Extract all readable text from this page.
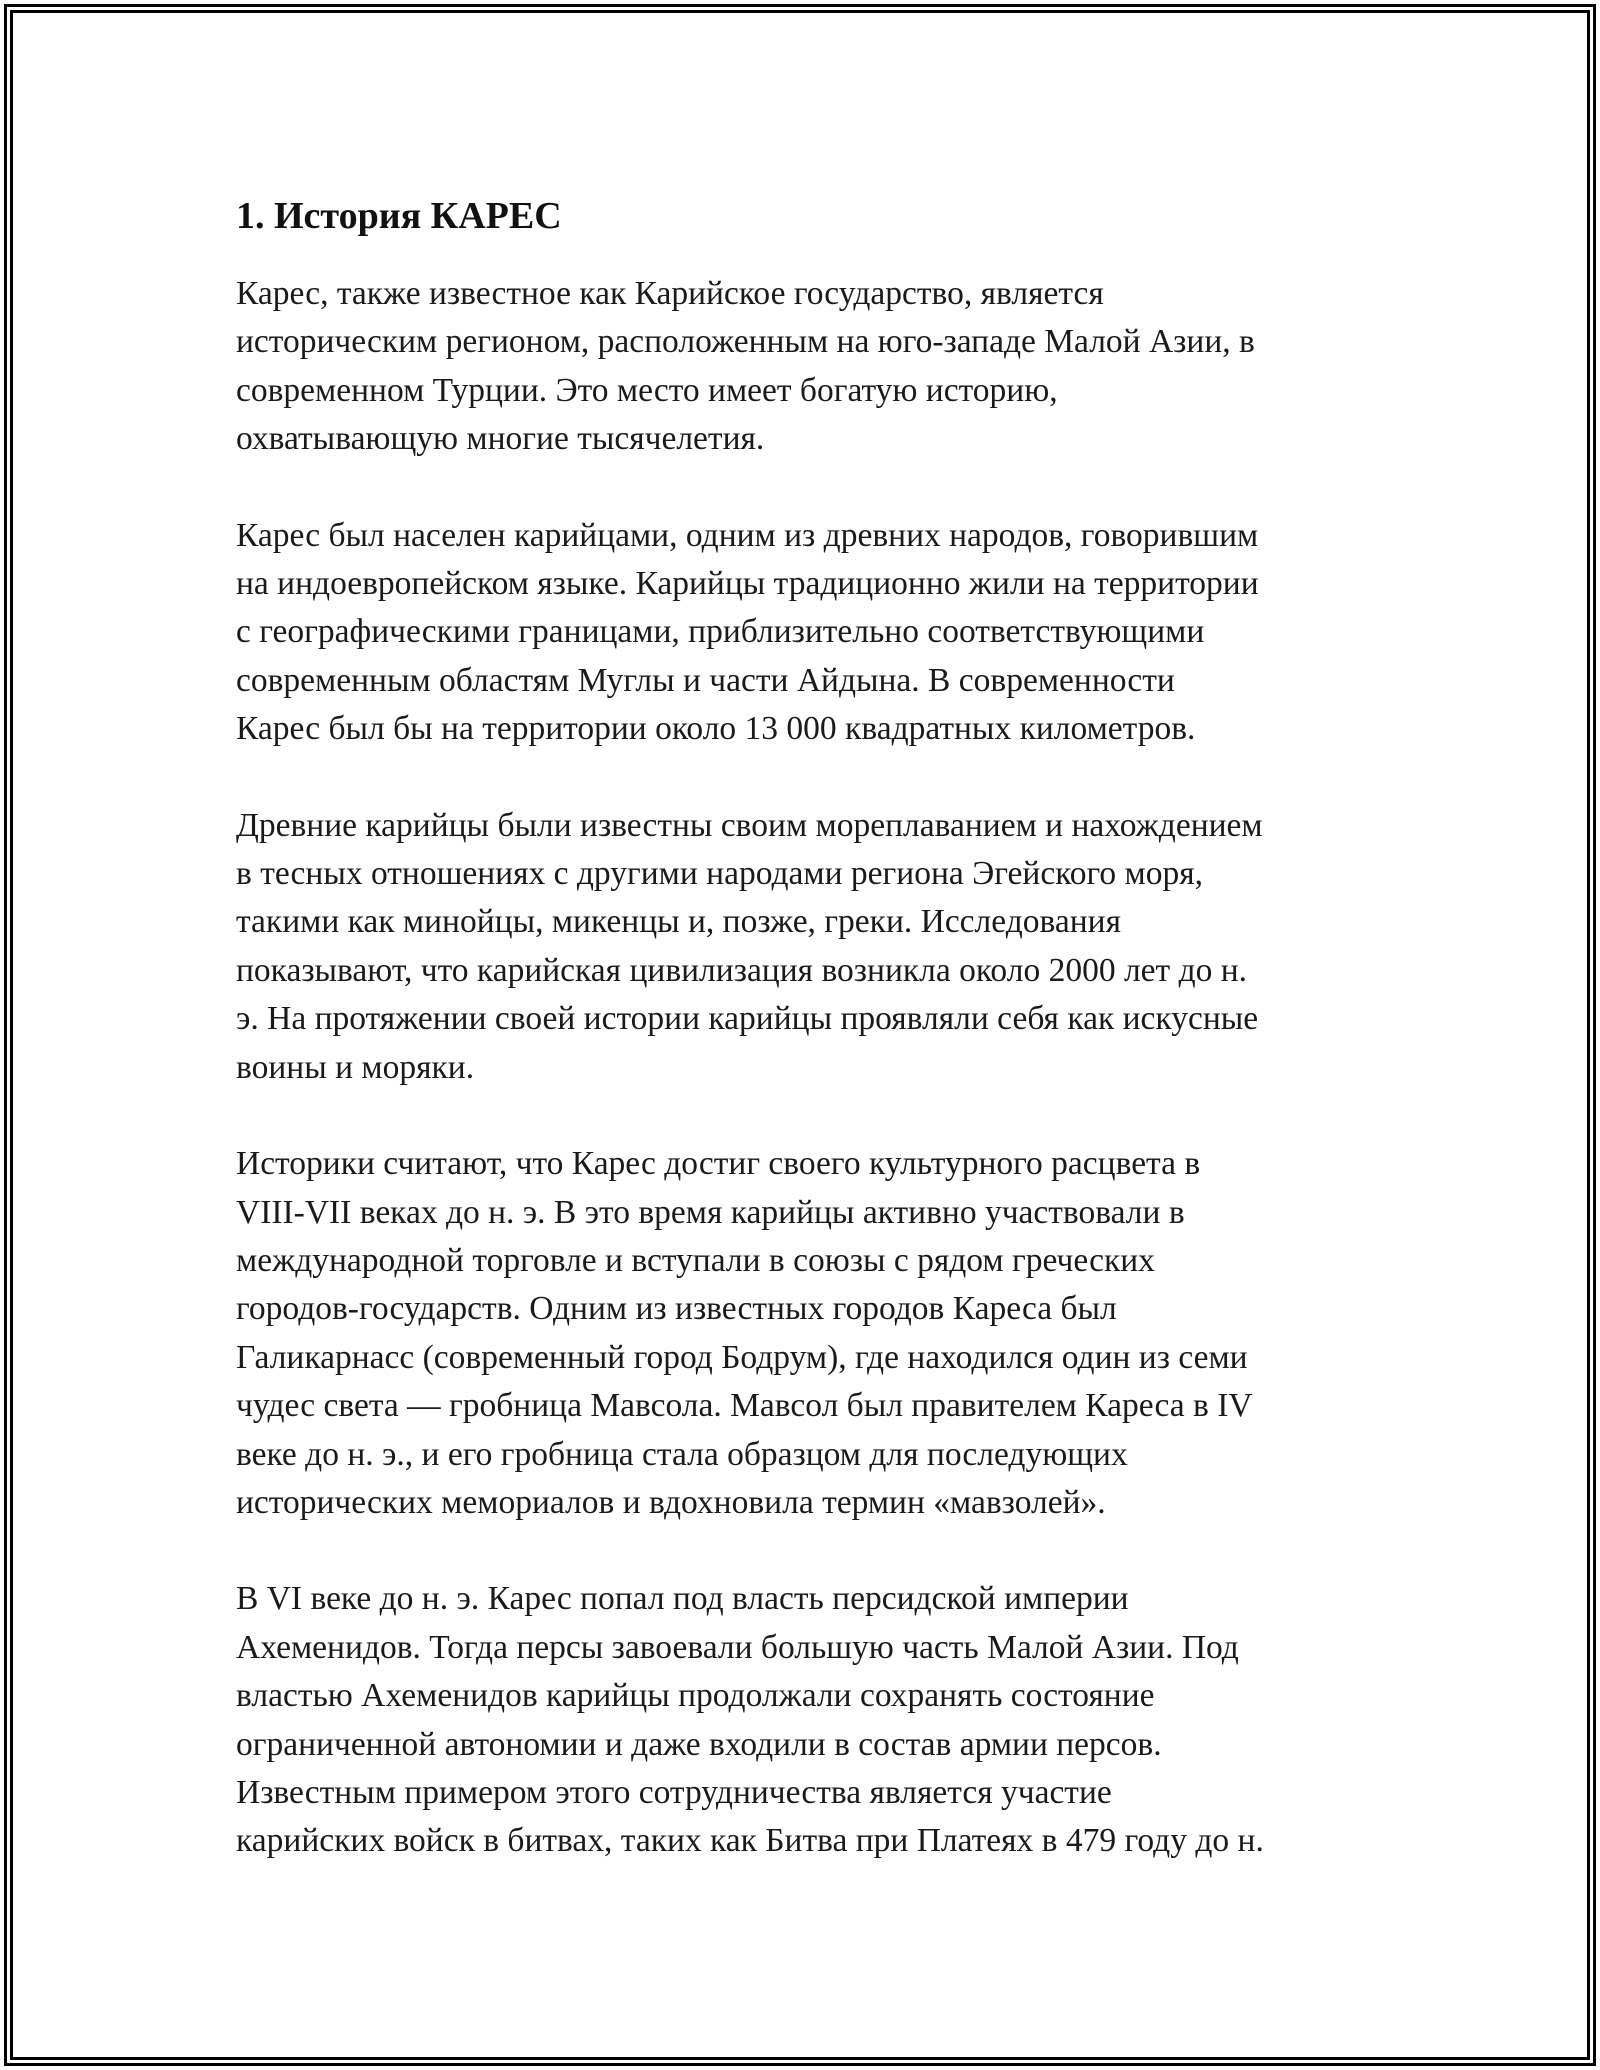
1. История КАРЕС

Карес, также известное как Карийское государство, является
историческим регионом, расположенным на юго-западе Малой Азии, в
современном Турции. Это место имеет богатую историю,
охватывающую многие тысячелетия.

Карес был населен карийцами, одним из древних народов, говорившим
на индоевропейском языке. Карийцы традиционно жили на территории
с географическими границами, приблизительно соответствующими
современным областям Муглы и части Айдына. В современности
Карес был бы на территории около 13 000 квадратных километров.

Древние карийцы были известны своим мореплаванием и нахождением
в тесных отношениях с другими народами региона Эгейского моря,
такими как минойцы, микенцы и, позже, греки. Исследования
показывают, что карийская цивилизация возникла около 2000 лет до н.
э. На протяжении своей истории карийцы проявляли себя как искусные
воины и моряки.

Историки считают, что Карес достиг своего культурного расцвета в
VIII-VII веках до н. э. В это время карийцы активно участвовали в
международной торговле и вступали в союзы с рядом греческих
городов-государств. Одним из известных городов Кареса был
Галикарнасс (современный город Бодрум), где находился один из семи
чудес света — гробница Мавсола. Мавсол был правителем Кареса в IV
веке до н. э., и его гробница стала образцом для последующих
исторических мемориалов и вдохновила термин «мавзолей».

В VI веке до н. э. Карес попал под власть персидской империи
Ахеменидов. Тогда персы завоевали большую часть Малой Азии. Под
властью Ахеменидов карийцы продолжали сохранять состояние
ограниченной автономии и даже входили в состав армии персов.
Известным примером этого сотрудничества является участие
карийских войск в битвах, таких как Битва при Платеях в 479 году до н.
